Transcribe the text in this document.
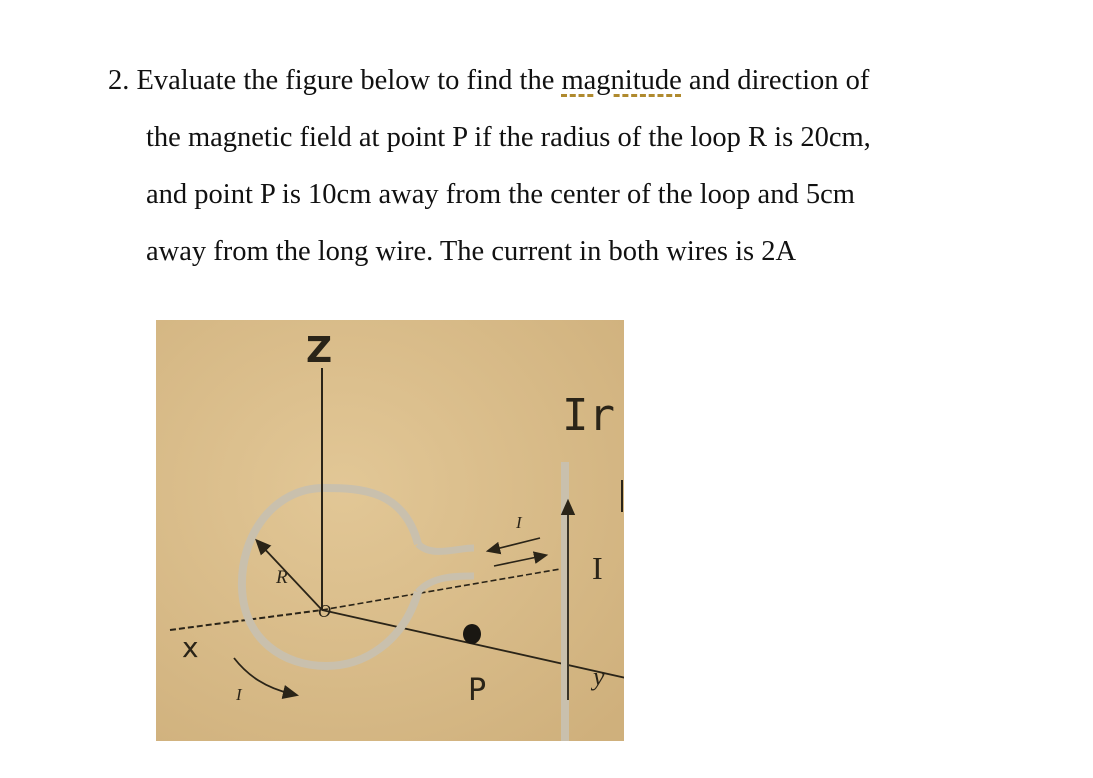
2. Evaluate the figure below to find the magnitude and direction of
the magnetic field at point P if the radius of the loop R is 20cm,
and point P is 10cm away from the center of the loop and 5cm
away from the long wire. The current in both wires is 2A
Z
Ir
I
I
R
O
x
I	P	y
